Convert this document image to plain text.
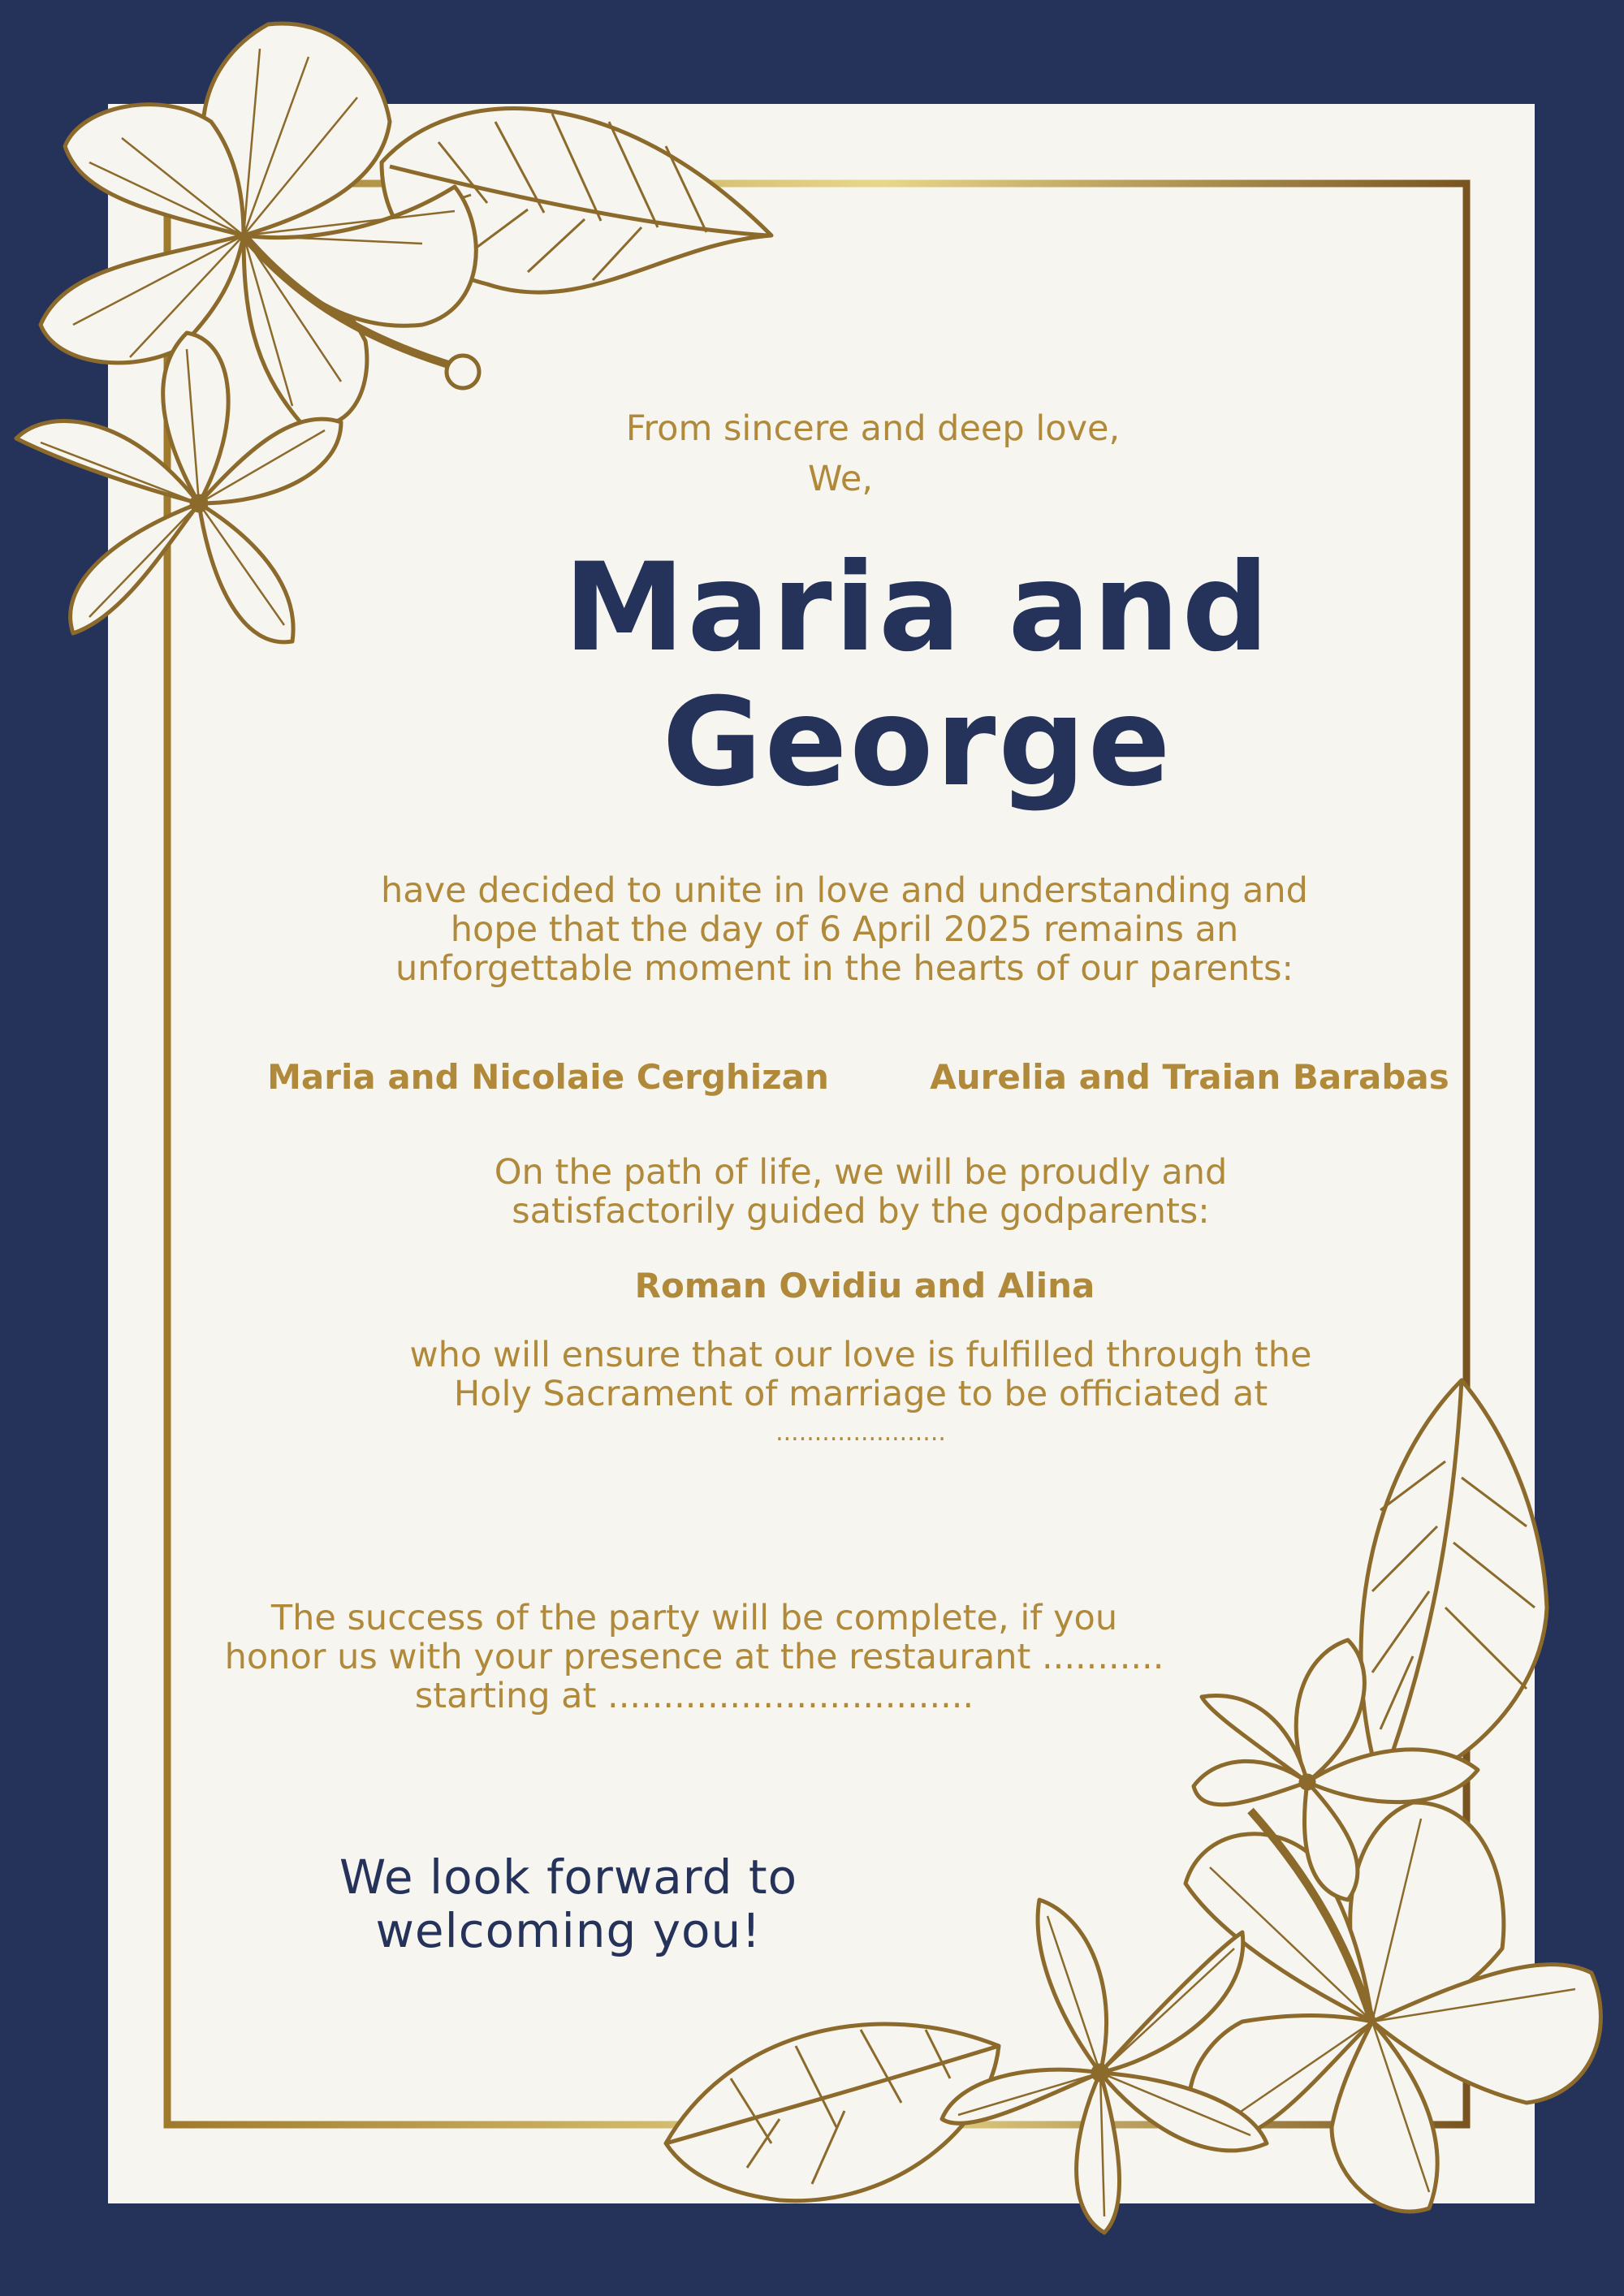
From sincere and deep love,
We,
Maria and
George
have decided to unite in love and understanding and
hope that the day of 6 April 2025 remains an
unforgettable moment in the hearts of our parents:
Maria and Nicolaie Cerghizan	Aurelia and Traian Barabas
On the path of life, we will be proudly and
satisfactorily guided by the godparents:
Roman Ovidiu and Alina
who will ensure that our love is fulfilled through the
Holy Sacrament of marriage to be officiated at
......................
The success of the party will be complete, if you
honor us with your presence at the restaurant ...........
starting at .................................
We look forward to
welcoming you!
